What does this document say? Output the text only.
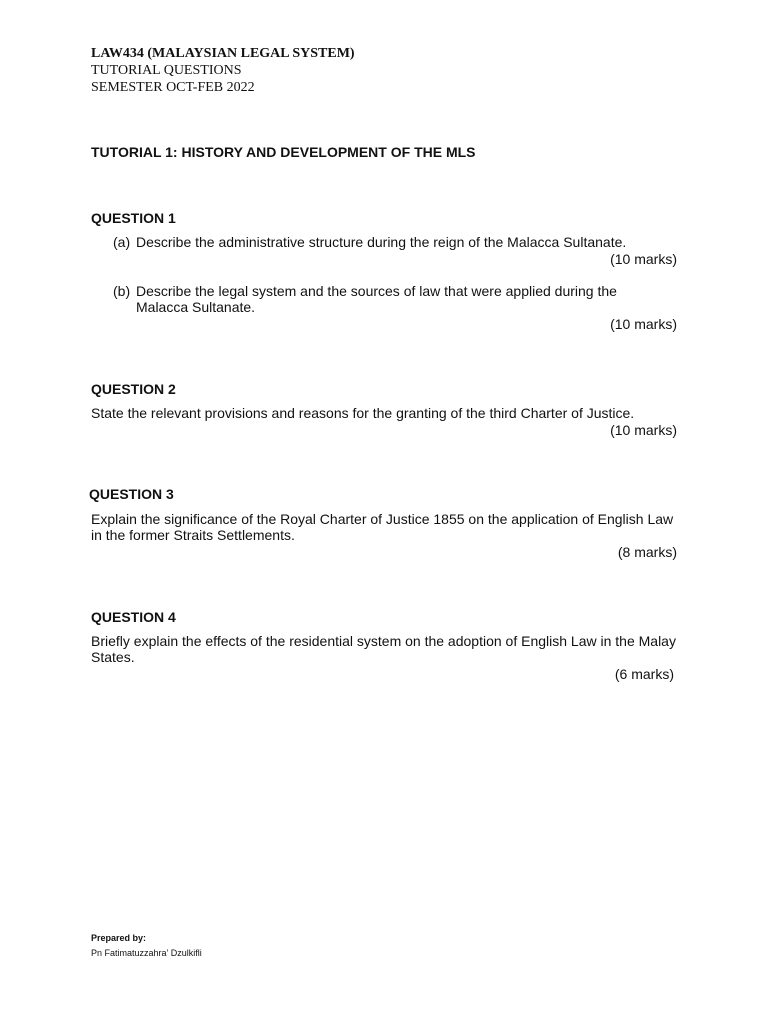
LAW434 (MALAYSIAN LEGAL SYSTEM)
TUTORIAL QUESTIONS
SEMESTER OCT-FEB 2022
TUTORIAL 1: HISTORY AND DEVELOPMENT OF THE MLS
QUESTION 1
(a) Describe the administrative structure during the reign of the Malacca Sultanate.
(10 marks)
(b) Describe the legal system and the sources of law that were applied during the Malacca Sultanate.
(10 marks)
QUESTION 2
State the relevant provisions and reasons for the granting of the third Charter of Justice.
(10 marks)
QUESTION 3
Explain the significance of the Royal Charter of Justice 1855 on the application of English Law in the former Straits Settlements.
(8 marks)
QUESTION 4
Briefly explain the effects of the residential system on the adoption of English Law in the Malay States.
(6 marks)
Prepared by:
Pn Fatimatuzzahra’ Dzulkifli
